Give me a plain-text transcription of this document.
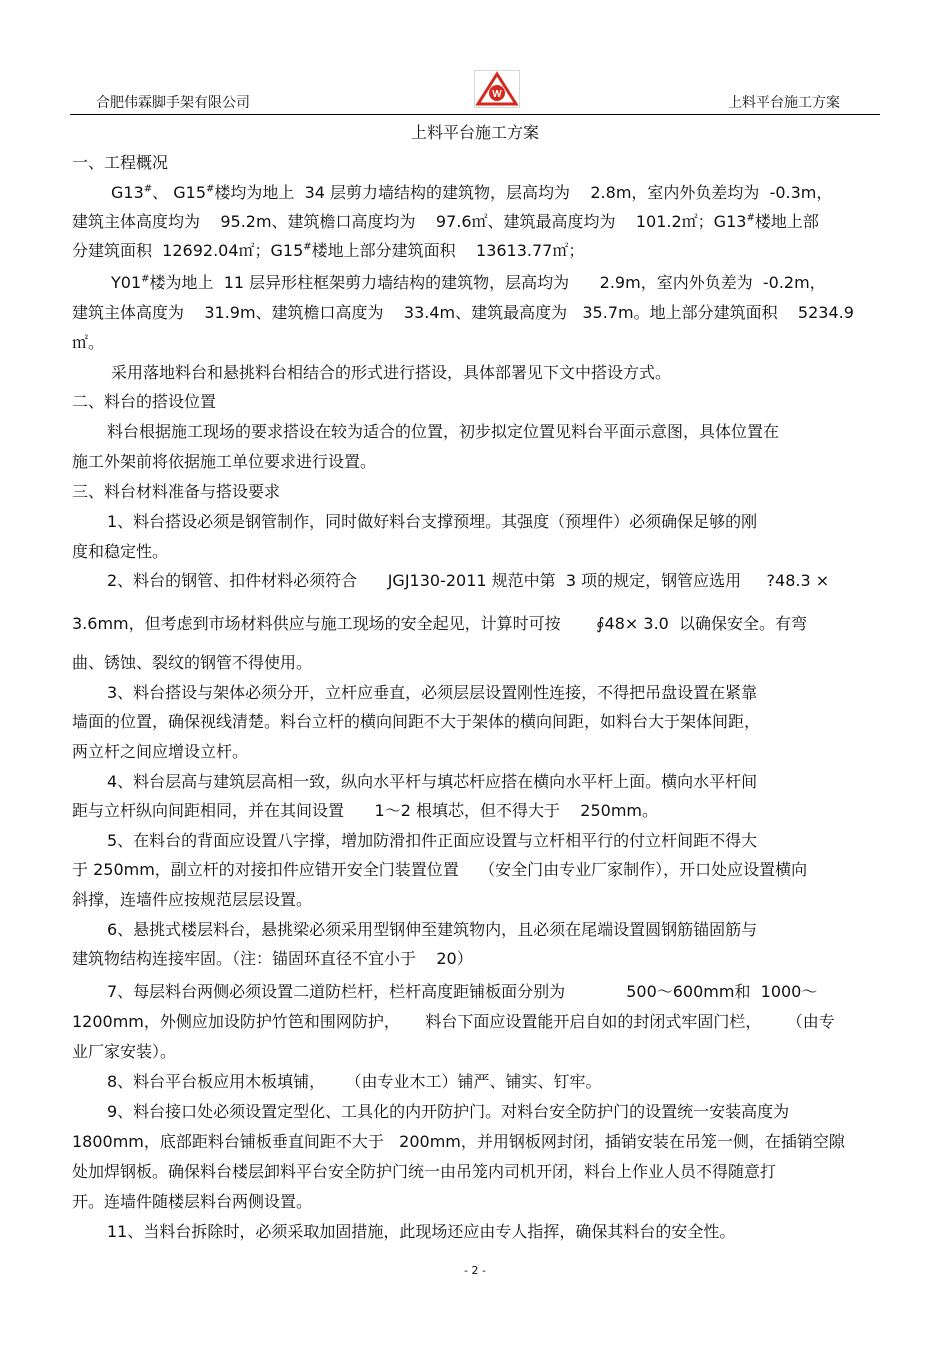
合肥伟霖脚手架有限公司
W
上料平台施工方案
上料平台施工方案
一、工程概况
G13#、 G15#楼均为地上  34 层剪力墙结构的建筑物，层高均为    2.8m，室内外负差均为  -0.3m，
建筑主体高度均为    95.2m、建筑檐口高度均为    97.6㎡、建筑最高度均为    101.2㎡；G13#楼地上部
分建筑面积  12692.04㎡；G15#楼地上部分建筑面积    13613.77㎡；
Y01#楼为地上  11 层异形柱框架剪力墙结构的建筑物，层高均为      2.9m，室内外负差为  -0.2m，
建筑主体高度为    31.9m、建筑檐口高度为    33.4m、建筑最高度为   35.7m。地上部分建筑面积    5234.9
㎡。
采用落地料台和悬挑料台相结合的形式进行搭设，具体部署见下文中搭设方式。
二、料台的搭设位置
料台根据施工现场的要求搭设在较为适合的位置，初步拟定位置见料台平面示意图，具体位置在
施工外架前将依据施工单位要求进行设置。
三、料台材料准备与搭设要求
1、料台搭设必须是钢管制作，同时做好料台支撑预埋。其强度（预埋件）必须确保足够的刚
度和稳定性。
2、料台的钢管、扣件材料必须符合      JGJ130-2011 规范中第  3 项的规定，钢管应选用     ?48.3 ×
3.6mm，但考虑到市场材料供应与施工现场的安全起见，计算时可按       ∮48× 3.0  以确保安全。有弯
曲、锈蚀、裂纹的钢管不得使用。
3、料台搭设与架体必须分开，立杆应垂直，必须层层设置刚性连接，不得把吊盘设置在紧靠
墙面的位置，确保视线清楚。料台立杆的横向间距不大于架体的横向间距，如料台大于架体间距，
两立杆之间应增设立杆。
4、料台层高与建筑层高相一致，纵向水平杆与填芯杆应搭在横向水平杆上面。横向水平杆间
距与立杆纵向间距相同，并在其间设置      1～2 根填芯，但不得大于    250mm。
5、在料台的背面应设置八字撑，增加防滑扣件正面应设置与立杆相平行的付立杆间距不得大
于 250mm，副立杆的对接扣件应错开安全门装置位置    （安全门由专业厂家制作），开口处应设置横向
斜撑，连墙件应按规范层层设置。
6、悬挑式楼层料台，悬挑梁必须采用型钢伸至建筑物内，且必须在尾端设置圆钢筋锚固筋与
建筑物结构连接牢固。（注：锚固环直径不宜小于    20）
7、每层料台两侧必须设置二道防栏杆，栏杆高度距铺板面分别为            500～600mm和  1000～
1200mm，外侧应加设防护竹笆和围网防护，     料台下面应设置能开启自如的封闭式牢固门栏，     （由专
业厂家安装）。
8、料台平台板应用木板填铺，    （由专业木工）铺严、铺实、钉牢。
9、料台接口处必须设置定型化、工具化的内开防护门。对料台安全防护门的设置统一安装高度为
1800mm，底部距料台铺板垂直间距不大于   200mm，并用钢板网封闭，插销安装在吊笼一侧，在插销空隙
处加焊钢板。确保料台楼层卸料平台安全防护门统一由吊笼内司机开闭，料台上作业人员不得随意打
开。连墙件随楼层料台两侧设置。
11、当料台拆除时，必须采取加固措施，此现场还应由专人指挥，确保其料台的安全性。
- 2 -
